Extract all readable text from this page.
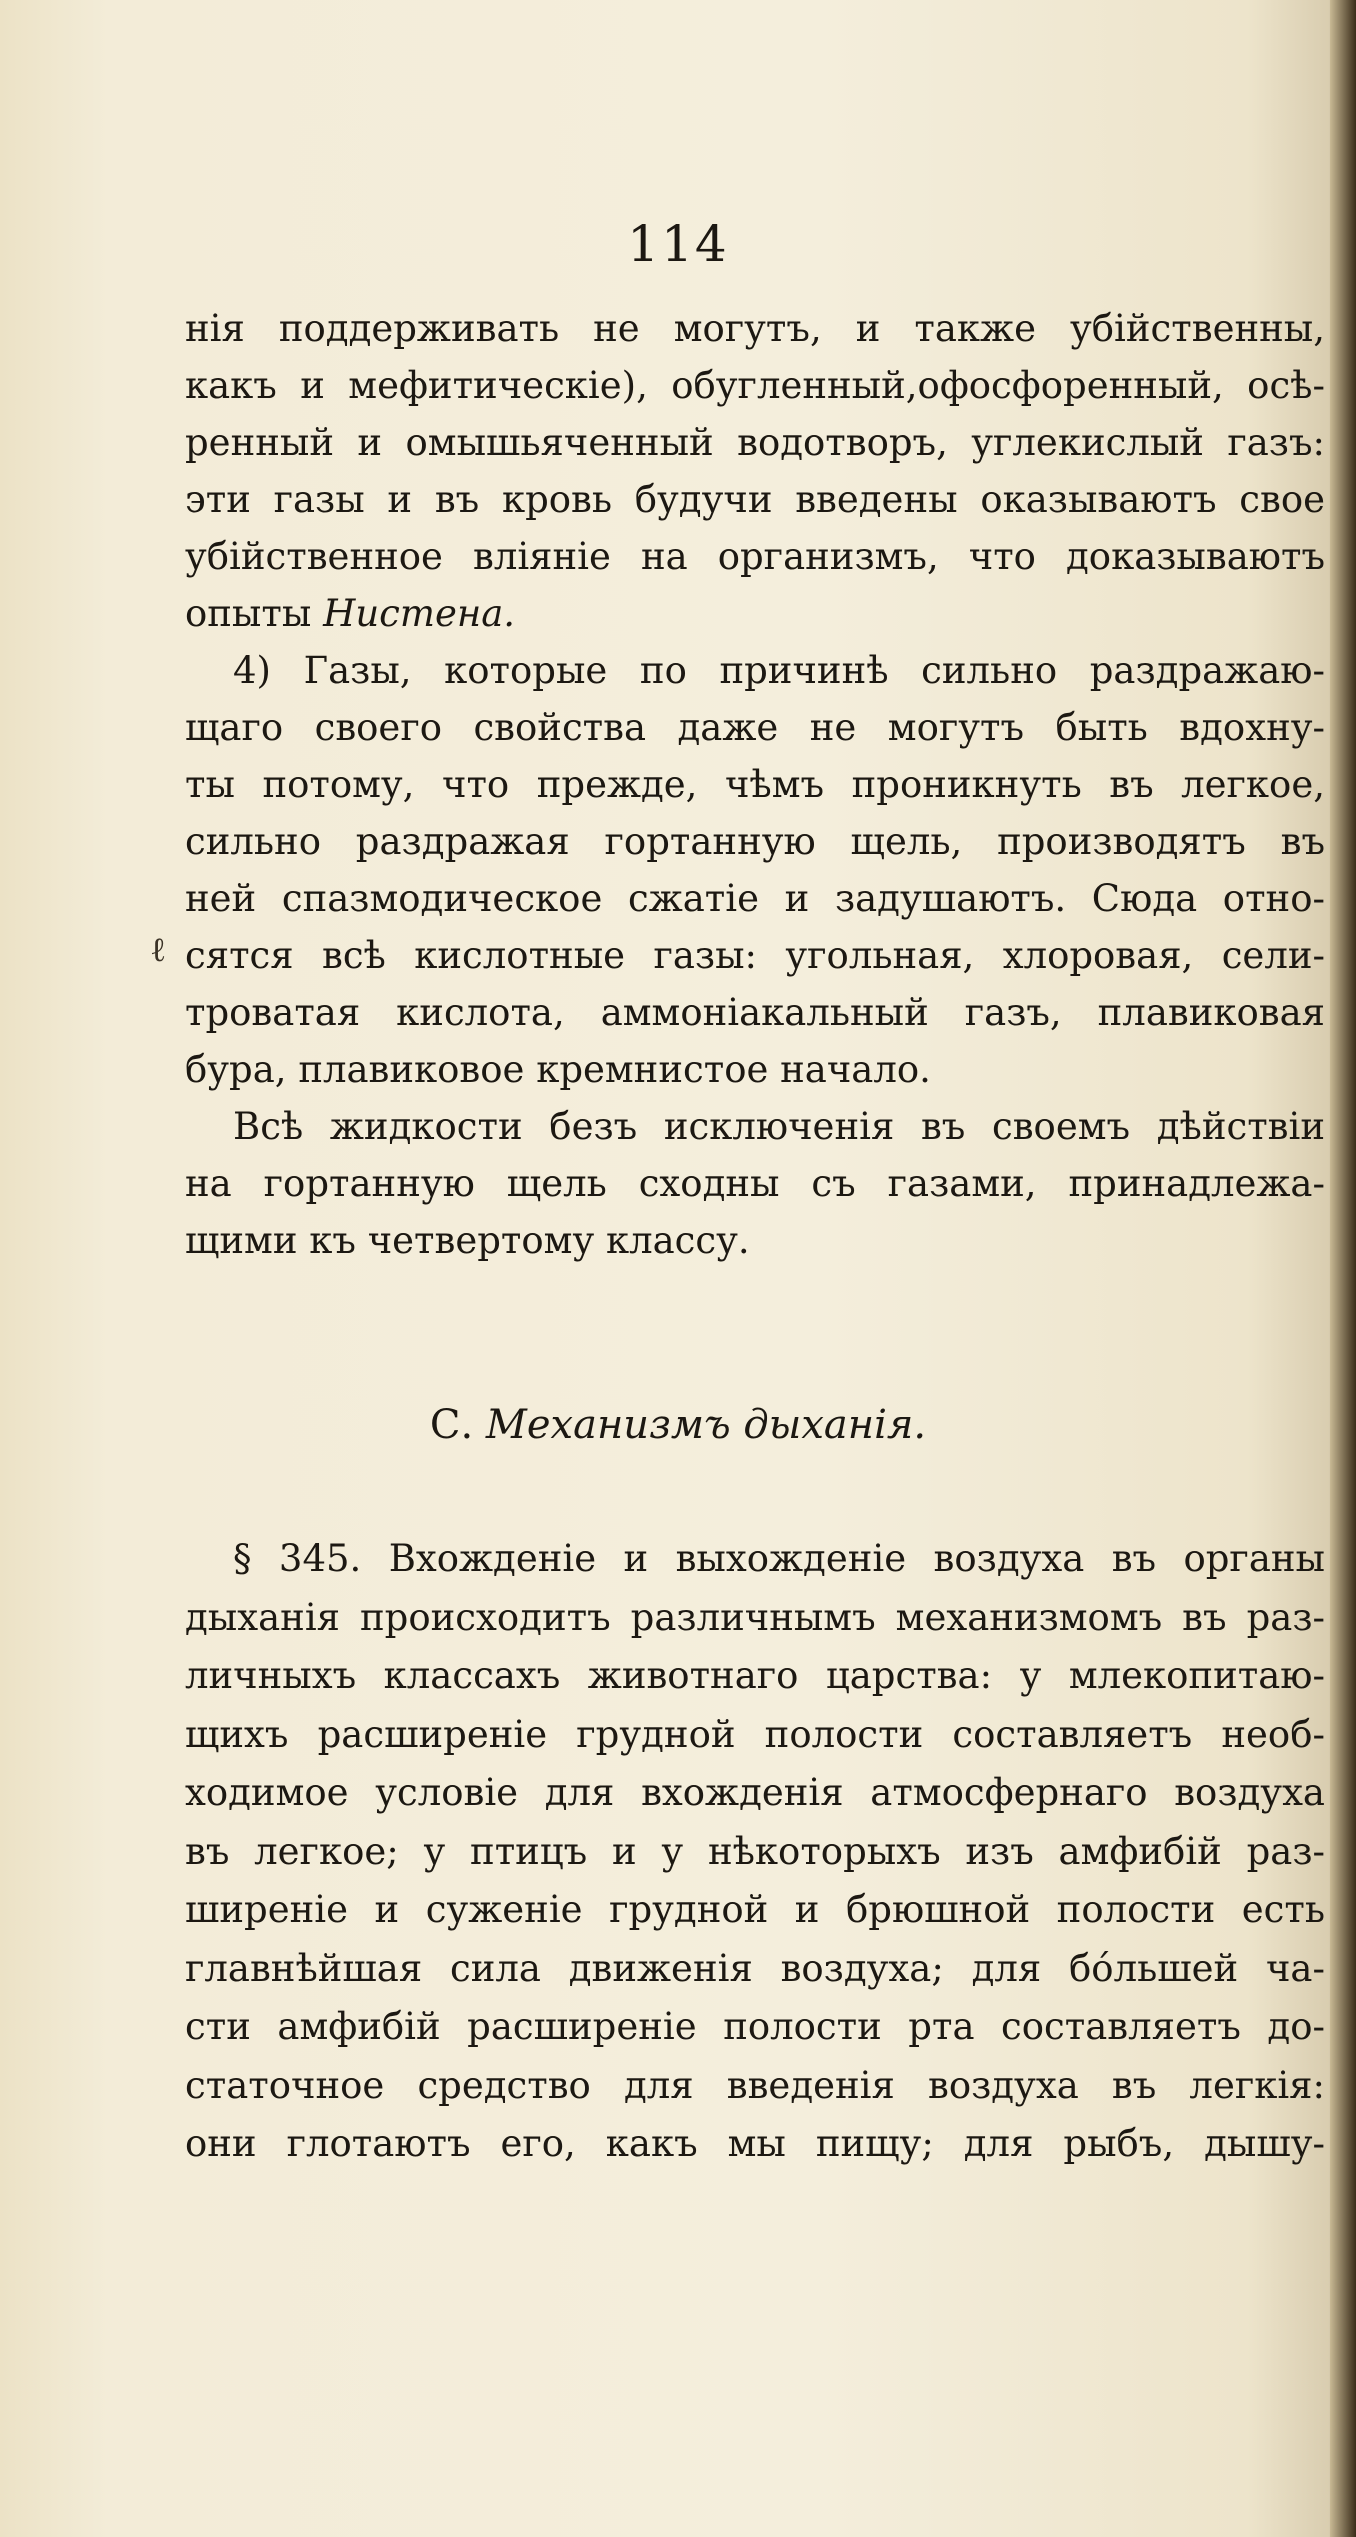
114
ℓ
нія поддерживать не могутъ, и также убійственны,
какъ и мефитическіе), обугленный,офосфоренный, осѣ-
ренный и омышьяченный водотворъ, углекислый газъ:
эти газы и въ кровь будучи введены оказываютъ свое
убійственное вліяніе на организмъ, что доказываютъ
опыты Нистена.
4) Газы, которые по причинѣ сильно раздражаю-
щаго своего свойства даже не могутъ быть вдохну-
ты потому, что прежде, чѣмъ проникнуть въ легкое,
сильно раздражая гортанную щель, производятъ въ
ней спазмодическое сжатіе и задушаютъ. Сюда отно-
сятся всѣ кислотные газы: угольная, хлоровая, сели-
троватая кислота, аммоніакальный газъ, плавиковая
бура, плавиковое кремнистое начало.
Всѣ жидкости безъ исключенія въ своемъ дѣйствіи
на гортанную щель сходны съ газами, принадлежа-
щими къ четвертому классу.
С. Механизмъ дыханія.
§ 345. Вхожденіе и выхожденіе воздуха въ органы
дыханія происходитъ различнымъ механизмомъ въ раз-
личныхъ классахъ животнаго царства: у млекопитаю-
щихъ расширеніе грудной полости составляетъ необ-
ходимое условіе для вхожденія атмосфернаго воздуха
въ легкое; у птицъ и у нѣкоторыхъ изъ амфибій раз-
ширеніе и суженіе грудной и брюшной полости есть
главнѣйшая сила движенія воздуха; для бóльшей ча-
сти амфибій расширеніе полости рта составляетъ до-
статочное средство для введенія воздуха въ легкія:
они глотаютъ его, какъ мы пищу; для рыбъ, дышу-
